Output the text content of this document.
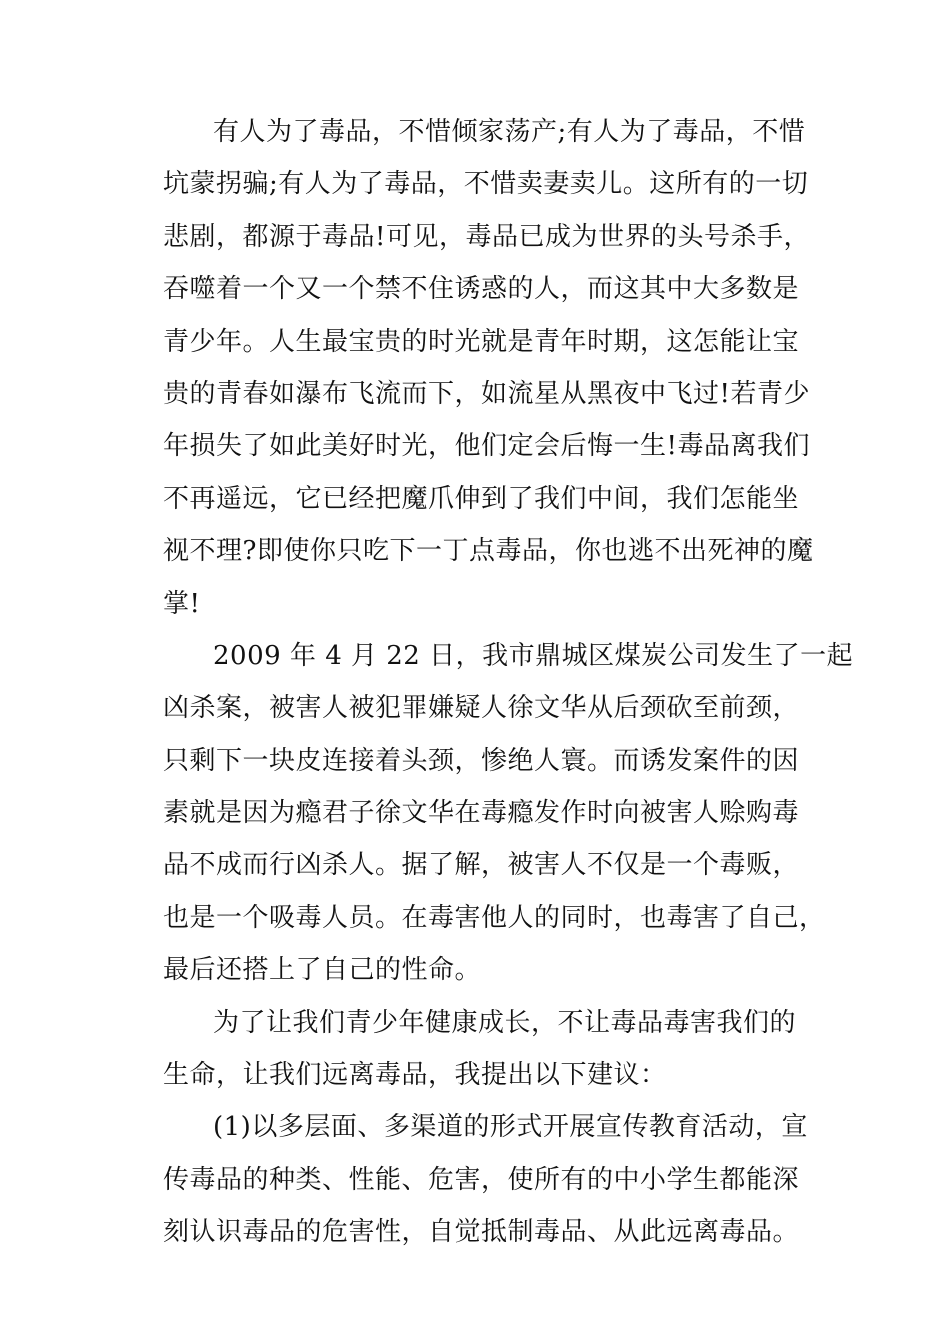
有人为了毒品，不惜倾家荡产;有人为了毒品，不惜
坑蒙拐骗;有人为了毒品，不惜卖妻卖儿。这所有的一切
悲剧，都源于毒品!可见，毒品已成为世界的头号杀手，
吞噬着一个又一个禁不住诱惑的人，而这其中大多数是
青少年。人生最宝贵的时光就是青年时期，这怎能让宝
贵的青春如瀑布飞流而下，如流星从黑夜中飞过!若青少
年损失了如此美好时光，他们定会后悔一生!毒品离我们
不再遥远，它已经把魔爪伸到了我们中间，我们怎能坐
视不理?即使你只吃下一丁点毒品，你也逃不出死神的魔
掌!
2009 年 4 月 22 日，我市鼎城区煤炭公司发生了一起
凶杀案，被害人被犯罪嫌疑人徐文华从后颈砍至前颈，
只剩下一块皮连接着头颈，惨绝人寰。而诱发案件的因
素就是因为瘾君子徐文华在毒瘾发作时向被害人赊购毒
品不成而行凶杀人。据了解，被害人不仅是一个毒贩，
也是一个吸毒人员。在毒害他人的同时，也毒害了自己，
最后还搭上了自己的性命。
为了让我们青少年健康成长，不让毒品毒害我们的
生命，让我们远离毒品，我提出以下建议：
(1)以多层面、多渠道的形式开展宣传教育活动，宣
传毒品的种类、性能、危害，使所有的中小学生都能深
刻认识毒品的危害性，自觉抵制毒品、从此远离毒品。
